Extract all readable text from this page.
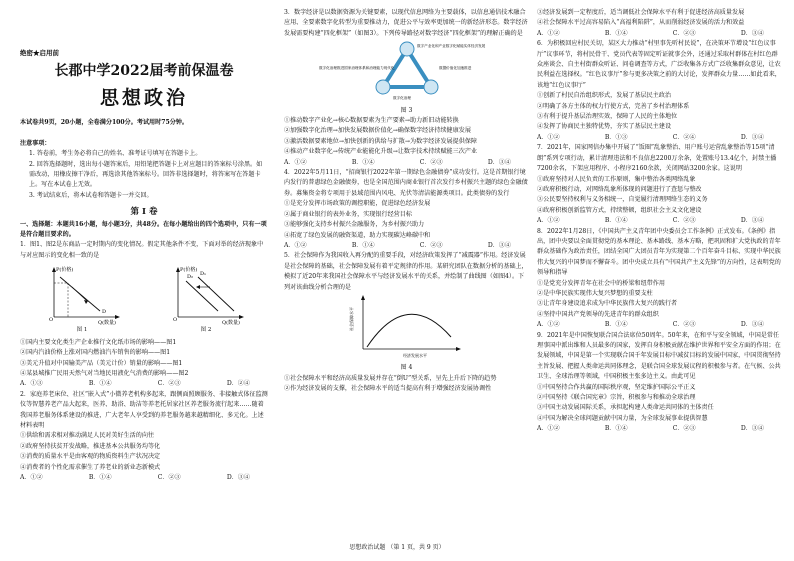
绝密★启用前

长郡中学2022届考前保温卷

思想政治

本试卷共9页，20小题，全卷满分100分。考试用时75分钟。

注意事项：

1. 答卷前，考生务必将自己的姓名、准考证号填写在答题卡上。

2. 回答选择题时，选出每小题答案后，用铅笔把答题卡上对应题目的答案标号涂黑。如需改动，用橡皮擦干净后，再选涂其他答案标号。回答非选择题时，将答案写在答题卡上。写在本试卷上无效。

3. 考试结束后，将本试卷和答题卡一并交回。

第 Ⅰ 卷

一、选择题：本题共16小题，每小题3分，共48分。在每小题给出的四个选项中，只有一项是符合题目要求的。

1．图1、图2是东商品一定时期内的变化情况。假定其他条件不变，下面对举的经济现象中与对应图示的变化相一致的是

O
P(价格)
Q(数量)
D
图 1
O
P(价格)
Q(数量)
D₁
D₂
图 2

①国内主要文化类生产企业推行文化纸市场的影响——图1

②国内汽油价格上涨对国内燃油汽车销售的影响——图1

③美元升值对中国输美产品（美元计价）销量的影响——图1

④某县城推广民用天然气对当地民用液化气消费的影响——图2

A．①③	B．①④	C．②③	D．②④

2．家庭养老床位、社区“嵌入式”小微养老机构多起来，跟侧面照顾服务、非接触式体征监测仪等智慧养老产品大起来，医养、助浴、助洁等养老托居家社区养老服务流行起来……随着我国养老服务体系建设的推进，广大老年人享受到的养老服务越来越精细化、多元化。上述材料表明

①供给和需求相对推动满足人民对美好生活的向往

②政府坚持扶贫开发战略，推进基本公共服务均等化

③消费的质量水平是由客观的物质资料生产状况决定

④消费者的个性化需求催生了养老业的新业态新模式

A．①②	B．①④	C．②③	D．③④

3．数字经济是以数据资源为关键要素，以现代信息网络为主要载体，以信息通信技术融合应用、全要素数字化转型为重要推动力，促进公平与效率更加统一的新经济形态。数字经济发展需要构建“四化框架”（如图3）。下列传导路径对数字经济“四化框架”的理解正确的是

数字产业化和产业数字化赋能实体经济发展
数字化治理推进国家治理体系和治理能力现代化	数据价值化加速推进
数字化治理
图 3

①推动数字产业化→核心数据要素为生产要素→助力新旧动能转换

②加强数字化治理→加快发展数据价值化→确保数字经济持续健康发展

③激活数据要素地位→加快创新的供给与扩散→为数字经济发展提供保障

④推动产业数字化→传统产业能能化升级→让数字技术持续赋能三次产业

A．①②	B．①④	C．②③	D．③④

4．2022年5月11日，“招商银行2022年第一期绿色金融债券”成功发行。这是首期银行境内发行的普惠绿色金融债券，也是全国范围内商业银行首次发行乡村振兴主题的绿色金融债券。募集资金将专项用于县域范围内风电、光伏等清洁能源类项目。此类债券的发行

①是充分发挥市场政策的调控职能，促进绿色经济发展

②属于商业银行的表外业务，实现银行经营目标

③能够强化支持乡村振兴金融服务，为乡村振兴助力

④拓宽了绿色发展的融资渠道，助力实现碳达峰碳中和

A．①②	B．①④	C．②③	D．③④

5．社会保障作为我国收入再分配的重要手段，对经济政策发挥了“减震器”作用。经济发展是社会保障的基础，社会保障发展有着平定规律的作用。某研究团队在数据分析的基础上，模拟了近20年来我国社会保障水平与经济发展水平的关系，并绘制了曲线图（如图4）。下列对该曲线分析合理的是

社会保障水平
经济发展水平
图 4

①社会保障水平和经济高质量发展并存在“倒U”型关系，呈先上升后下降的趋势

②作为经济发展的支撑，社会保障水平的适当提高有利于增强经济发展协调性

③经济发展到一定程度后，适当调低社会保障水平有利于促进经济高质量发展

④社会保障水平过高容易陷入“高福利陷阱”，从而削弱经济发展的活力和效益

A．①②	B．①④	C．②③	D．③④

6．为积极回应村民关切，某区大力推动“村里事先听村民说”，在决策环节增设“红色议事厅”议事环节，将村民骨干、党员代表等固定听证就事会外，还通过采取村群体在村红色群众座谈会、自主村街群众听证、问卷调查等方式，广泛收集各方式广泛收集群众意见，让农民利益在选择权。“红色议事厅”参与更多决策之前的大讨论，发挥群众力量……如此看来，该地“红色议事厅”

①创新了村民自治组织形式，发展了基层民主政治

②明确了各方主体的权力行使方式，完善了乡村治理体系

③有利于提升基层治理实效，保障了人民的主体地位

④发挥了协商民主独特优势，夯实了基层民主建设

A．①②	B．①③	C．②④	D．③④

7．2021年，国家网信办集中开展了“饭圈”乱象整治、用户账号运营乱象整治等15项“清朗”系列专项行动，累计清理违法和不良信息2200万余条，处置账号13.4亿个，封禁主播7200余名，下架应用程序、小程序2160余款，关闭网站3200余家。这说明

①政府坚持对人民负责的工作原则，集中整治各类网络乱象

②政府积极行动，对网络乱象所体现的问题进行了查惩与整改

③公民要坚持权利与义务相统一，自觉履行清理网络生态的义务

④政府积极创新监管方式，持续整顿，组织社会主义文化建设

A．①②	B．①④	C．②③	D．③④

8．2022年1月28日，《中国共产主义青年团中央委员会工作条例》正式发布。《条例》指出，团中央要以全面贯彻党的基本理论、基本路线、基本方略，把巩固和扩大党执政的青年群众基础作为政治责任，团结全国广大团员青年为实现第二个百年奋斗目标、实现中华民族伟大复兴的中国梦而不懈奋斗。团中央成立具有“中国共产主义先锋”的方向性，这表明党的领导和指导

①是党充分发挥青年在社会中的桥梁和纽带作用

②是中华民族实现伟大复兴梦想的重要支柱

③让青年身建设追求成为中华民族伟大复兴的践行者

④坚持中国共产党领导的先进青年的群众组织

A．①②	B．①④	C．②③	D．③④

9．2021年是中国恢复联合国合法席位50周年。50年来，在和平与安全领域，中国是常任理事国中派出维和人员最多的国家，发挥自身积极贡献在维护世界和平安全方面的作用；在发展领域，中国是第一个实现联合国千年发展目标中减贫目标的发展中国家，中国贯彻坚持主旨发展、把握人类命运共同体理念，是联合国全球发展议程的积极参与者。在气候、公共卫生、全球治理等领域，中国积极主张多边主义。由此可见

①中国坚持合作共赢的国际秩序观，坚定维护国际公平正义

②中国坚持《联合国宪章》宗旨，积极参与和推动全球治理

③中国主动发展国际关系，承担起构建人类命运共同体的主体责任

④中国为解决全球问题贡献中国力量，为全球发展事业提供智慧

A．①②	B．①④	C．②③	D．③④
思想政治试题 （第 1 页，共 9 页）
